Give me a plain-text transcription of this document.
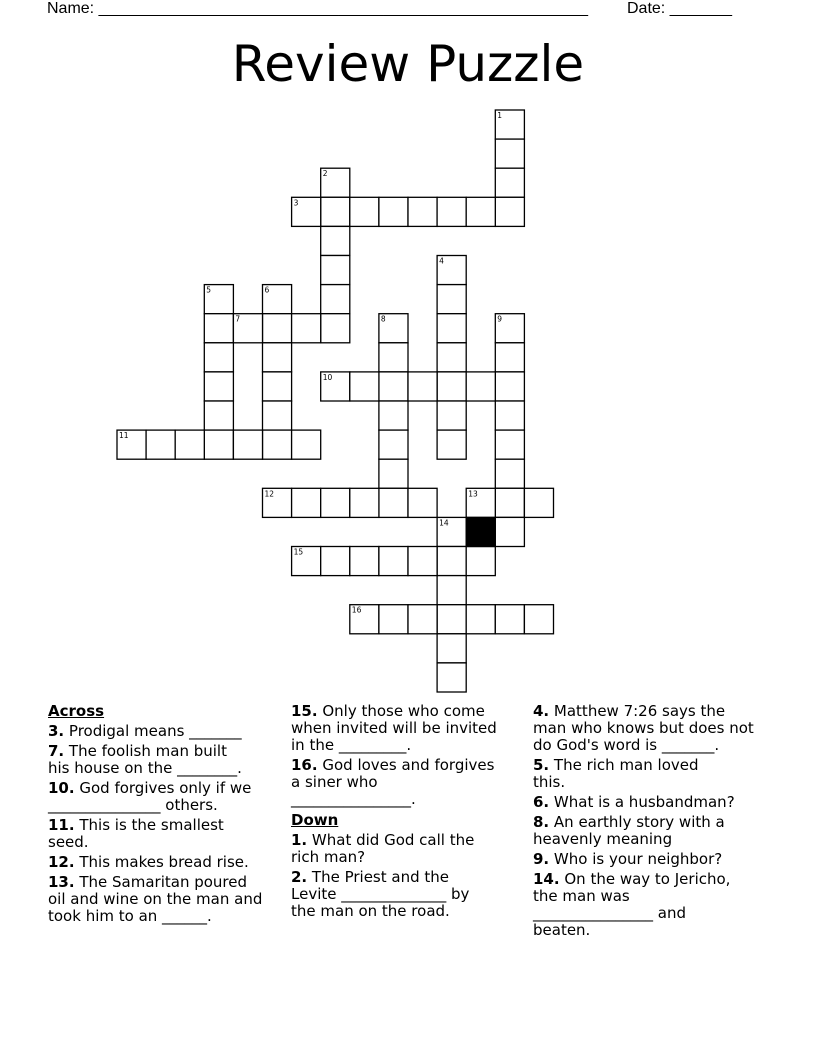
Name: _______________________________________________________ Date: _______
Review Puzzle
1
2
3
4
5	6
7	8	9
10
11
12	13
14
15
16
Across
3. Prodigal means _______
7. The foolish man built
his house on the ________.
10. God forgives only if we
_______________ others.
11. This is the smallest
seed.
12. This makes bread rise.
13. The Samaritan poured
oil and wine on the man and
took him to an ______.
15. Only those who come
when invited will be invited
in the _________.
16. God loves and forgives
a siner who
________________.
Down
1. What did God call the
rich man?
2. The Priest and the
Levite ______________ by
the man on the road.
4. Matthew 7:26 says the
man who knows but does not
do God's word is _______.
5. The rich man loved
this.
6. What is a husbandman?
8. An earthly story with a
heavenly meaning
9. Who is your neighbor?
14. On the way to Jericho,
the man was
________________ and
beaten.
